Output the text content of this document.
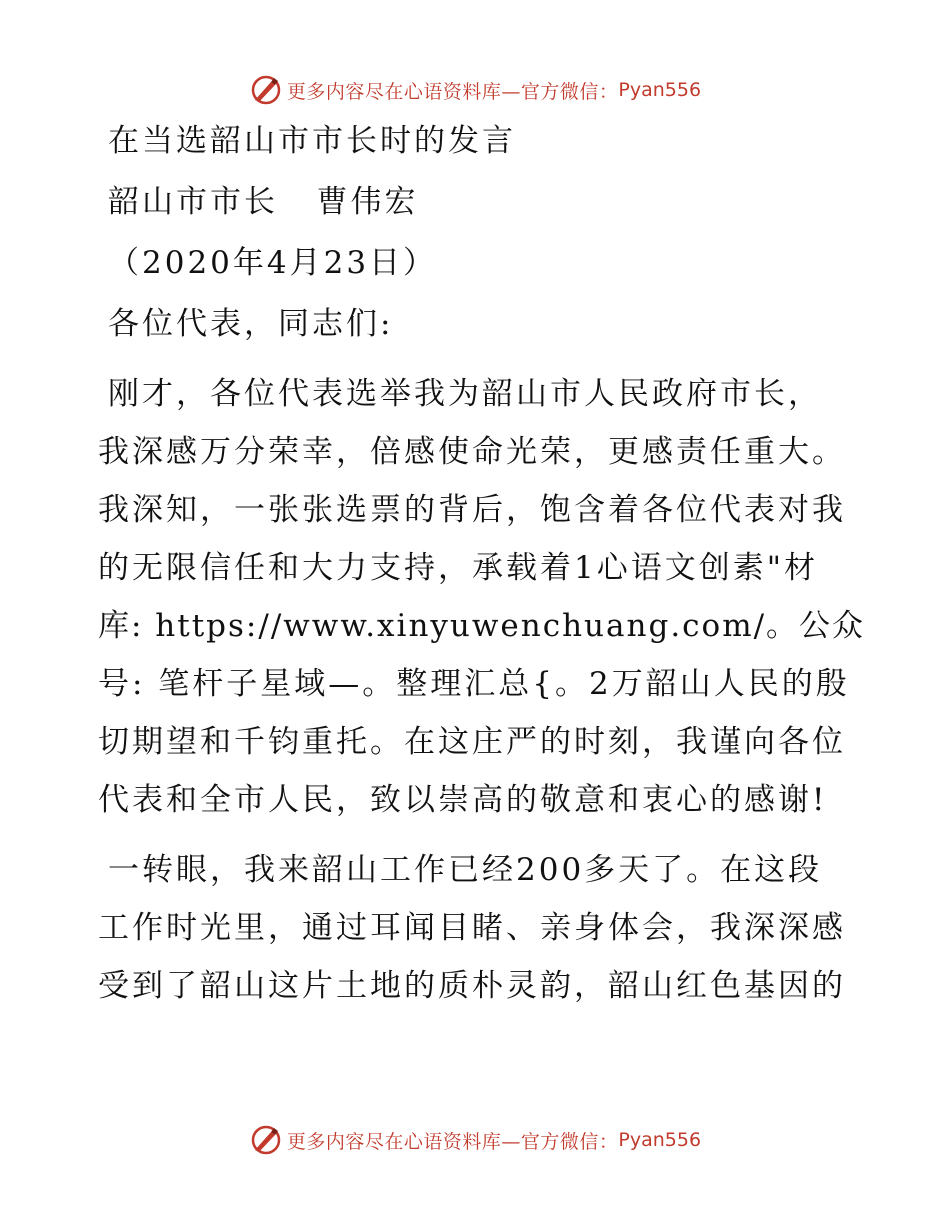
更多内容尽在心语资料库—官方微信： Pyan556

在当选韶山市市长时的发言

韶山市市长   曹伟宏

（2020年4月23日）

各位代表，同志们:

刚才，各位代表选举我为韶山市人民政府市长，

我深感万分荣幸，倍感使命光荣，更感责任重大。

我深知，一张张选票的背后，饱含着各位代表对我

的无限信任和大力支持，承载着1心语文创素"材

库: https://www.xinyuwenchuang.com/。公众

号: 笔杆子星域—。整理汇总{。2万韶山人民的殷

切期望和千钧重托。在这庄严的时刻，我谨向各位

代表和全市人民，致以崇高的敬意和衷心的感谢!

一转眼，我来韶山工作已经200多天了。在这段

工作时光里，通过耳闻目睹、亲身体会，我深深感

受到了韶山这片土地的质朴灵韵，韶山红色基因的

更多内容尽在心语资料库—官方微信： Pyan556
